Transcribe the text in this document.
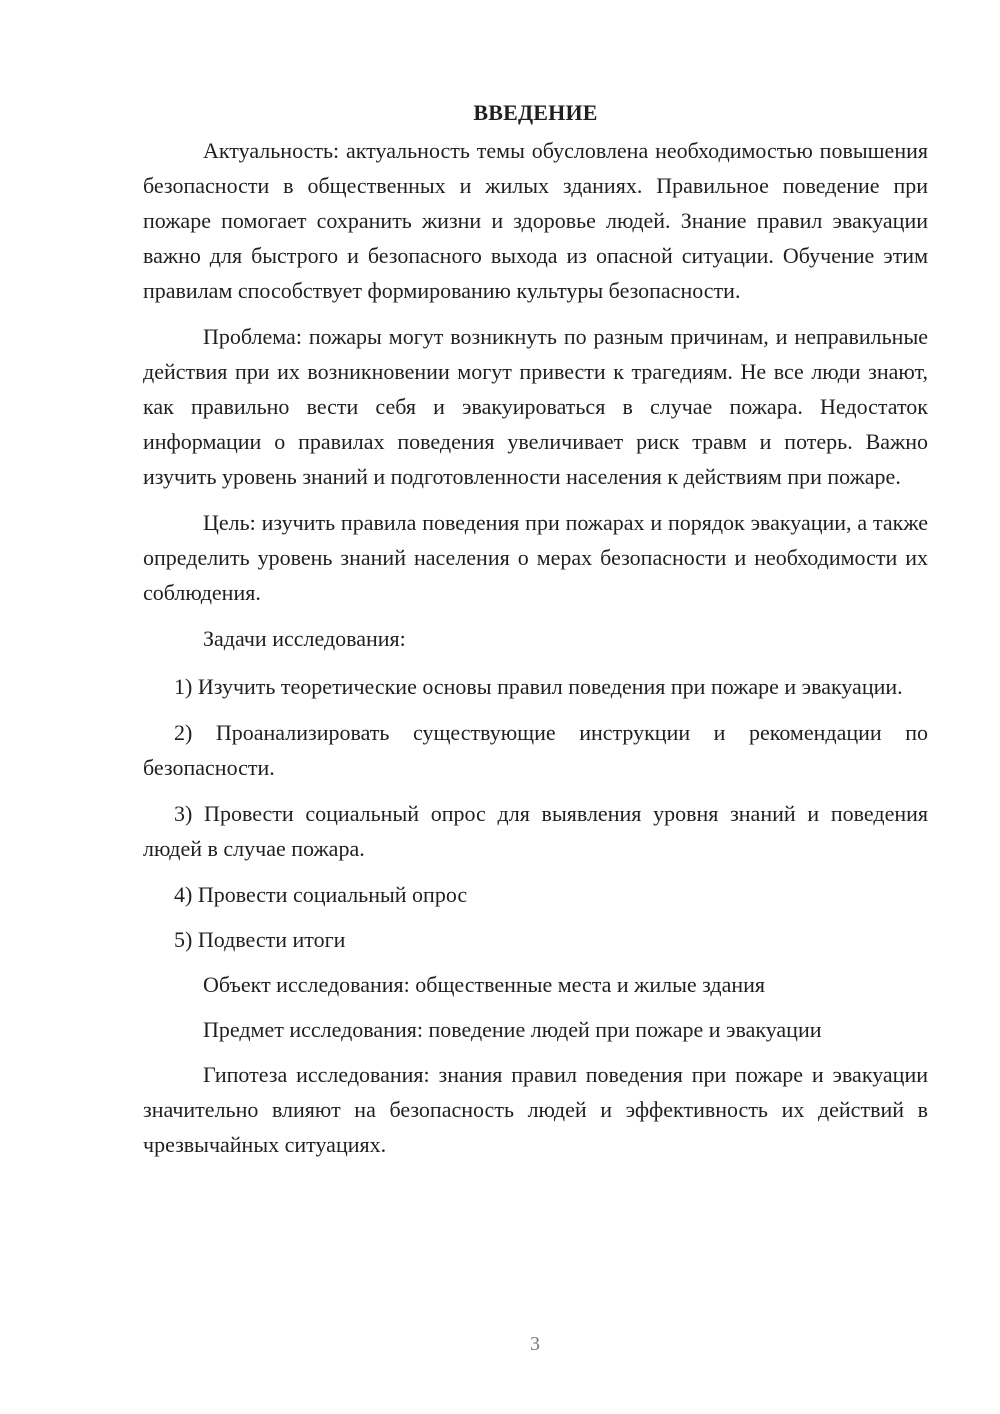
ВВЕДЕНИЕ

Актуальность: актуальность темы обусловлена необходимостью повышения безопасности в общественных и жилых зданиях. Правильное поведение при пожаре помогает сохранить жизни и здоровье людей. Знание правил эвакуации важно для быстрого и безопасного выхода из опасной ситуации. Обучение этим правилам способствует формированию культуры безопасности.

Проблема: пожары могут возникнуть по разным причинам, и неправильные действия при их возникновении могут привести к трагедиям. Не все люди знают, как правильно вести себя и эвакуироваться в случае пожара. Недостаток информации о правилах поведения увеличивает риск травм и потерь. Важно изучить уровень знаний и подготовленности населения к действиям при пожаре.

Цель: изучить правила поведения при пожарах и порядок эвакуации, а также определить уровень знаний населения о мерах безопасности и необходимости их соблюдения.

Задачи исследования:

1) Изучить теоретические основы правил поведения при пожаре и эвакуации.

2) Проанализировать существующие инструкции и рекомендации по безопасности.

3) Провести социальный опрос для выявления уровня знаний и поведения людей в случае пожара.

4) Провести социальный опрос

5) Подвести итоги

Объект исследования: общественные места и жилые здания

Предмет исследования: поведение людей при пожаре и эвакуации

Гипотеза исследования: знания правил поведения при пожаре и эвакуации значительно влияют на безопасность людей и эффективность их действий в чрезвычайных ситуациях.

3
